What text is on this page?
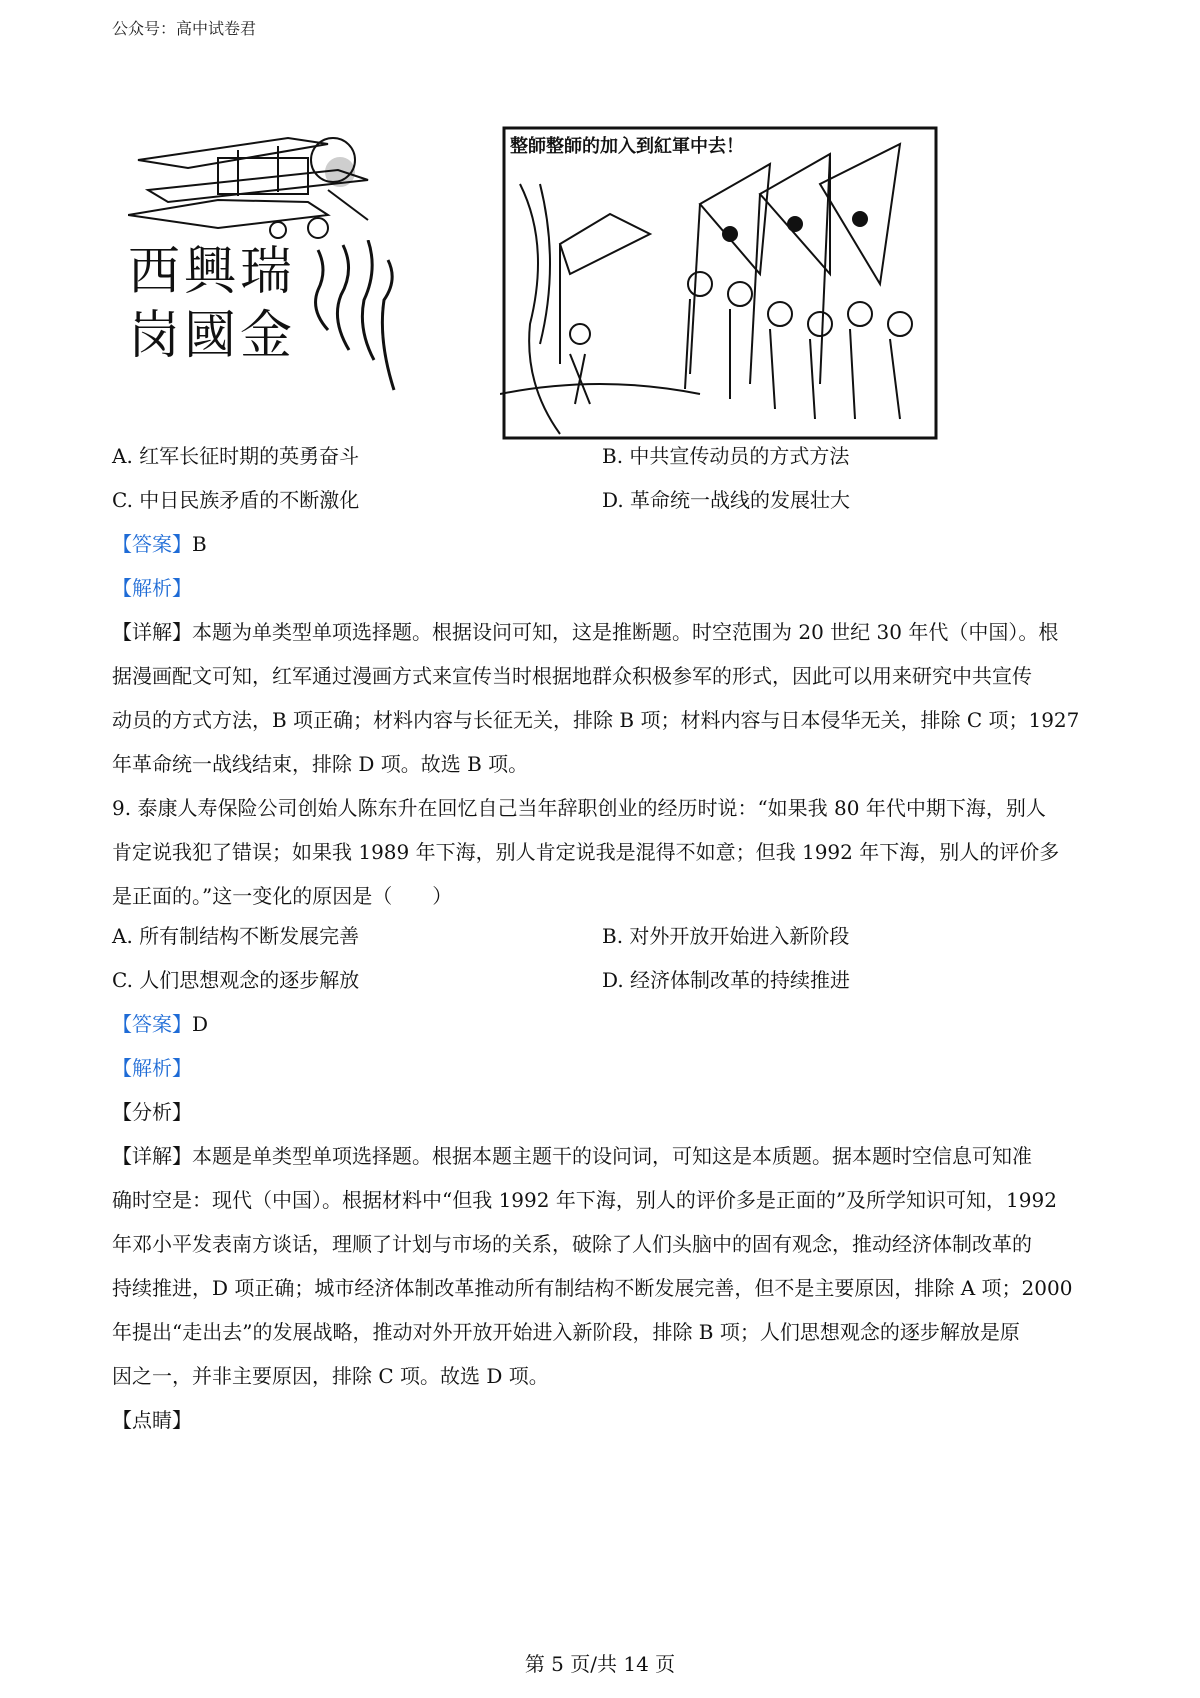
公众号：高中试卷君
西興瑞
岗國金
整師整師的加入到紅軍中去！
A. 红军长征时期的英勇奋斗	B. 中共宣传动员的方式方法
C. 中日民族矛盾的不断激化	D. 革命统一战线的发展壮大
【答案】B
【解析】
【详解】本题为单类型单项选择题。根据设问可知，这是推断题。时空范围为 20 世纪 30 年代（中国）。根
据漫画配文可知，红军通过漫画方式来宣传当时根据地群众积极参军的形式，因此可以用来研究中共宣传
动员的方式方法，B 项正确；材料内容与长征无关，排除 B 项；材料内容与日本侵华无关，排除 C 项；1927
年革命统一战线结束，排除 D 项。故选 B 项。
9. 泰康人寿保险公司创始人陈东升在回忆自己当年辞职创业的经历时说：“如果我 80 年代中期下海，别人
肯定说我犯了错误；如果我 1989 年下海，别人肯定说我是混得不如意；但我 1992 年下海，别人的评价多
是正面的。”这一变化的原因是（　　）
A. 所有制结构不断发展完善	B. 对外开放开始进入新阶段
C. 人们思想观念的逐步解放	D. 经济体制改革的持续推进
【答案】D
【解析】
【分析】
【详解】本题是单类型单项选择题。根据本题主题干的设问词，可知这是本质题。据本题时空信息可知准
确时空是：现代（中国）。根据材料中“但我 1992 年下海，别人的评价多是正面的”及所学知识可知，1992
年邓小平发表南方谈话，理顺了计划与市场的关系，破除了人们头脑中的固有观念，推动经济体制改革的
持续推进，D 项正确；城市经济体制改革推动所有制结构不断发展完善，但不是主要原因，排除 A 项；2000
年提出“走出去”的发展战略，推动对外开放开始进入新阶段，排除 B 项；人们思想观念的逐步解放是原
因之一，并非主要原因，排除 C 项。故选 D 项。
【点睛】
第 5 页/共 14 页
